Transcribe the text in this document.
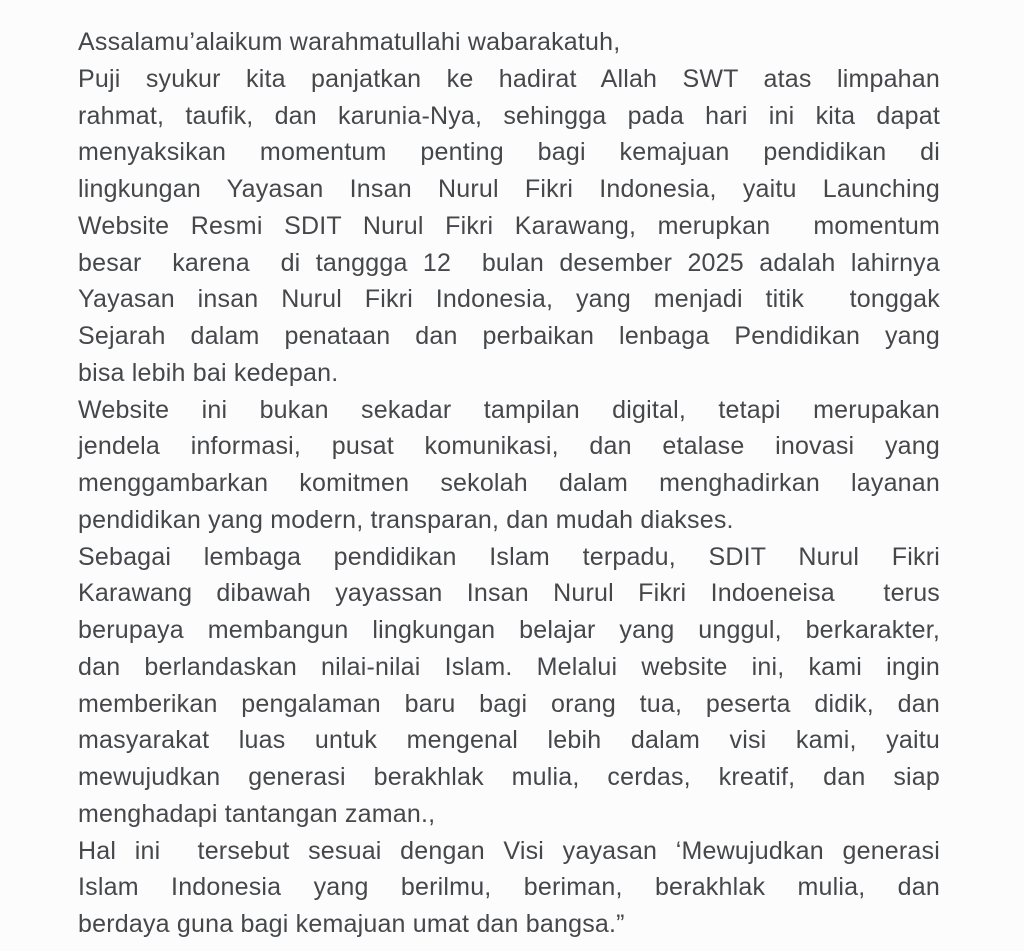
Assalamu’alaikum warahmatullahi wabarakatuh,
Puji syukur kita panjatkan ke hadirat Allah SWT atas limpahan
rahmat, taufik, dan karunia-Nya, sehingga pada hari ini kita dapat
menyaksikan momentum penting bagi kemajuan pendidikan di
lingkungan Yayasan Insan Nurul Fikri Indonesia, yaitu Launching
Website Resmi SDIT Nurul Fikri Karawang, merupkan  momentum
besar  karena  di tanggga 12  bulan desember 2025 adalah lahirnya
Yayasan insan Nurul Fikri Indonesia, yang menjadi titik  tonggak
Sejarah dalam penataan dan perbaikan lenbaga Pendidikan yang
bisa lebih bai kedepan.
Website ini bukan sekadar tampilan digital, tetapi merupakan
jendela informasi, pusat komunikasi, dan etalase inovasi yang
menggambarkan komitmen sekolah dalam menghadirkan layanan
pendidikan yang modern, transparan, dan mudah diakses.
Sebagai lembaga pendidikan Islam terpadu, SDIT Nurul Fikri
Karawang dibawah yayassan Insan Nurul Fikri Indoeneisa  terus
berupaya membangun lingkungan belajar yang unggul, berkarakter,
dan berlandaskan nilai-nilai Islam. Melalui website ini, kami ingin
memberikan pengalaman baru bagi orang tua, peserta didik, dan
masyarakat luas untuk mengenal lebih dalam visi kami, yaitu
mewujudkan generasi berakhlak mulia, cerdas, kreatif, dan siap
menghadapi tantangan zaman.,
Hal ini  tersebut sesuai dengan Visi yayasan ‘Mewujudkan generasi
Islam Indonesia yang berilmu, beriman, berakhlak mulia, dan
berdaya guna bagi kemajuan umat dan bangsa.”
